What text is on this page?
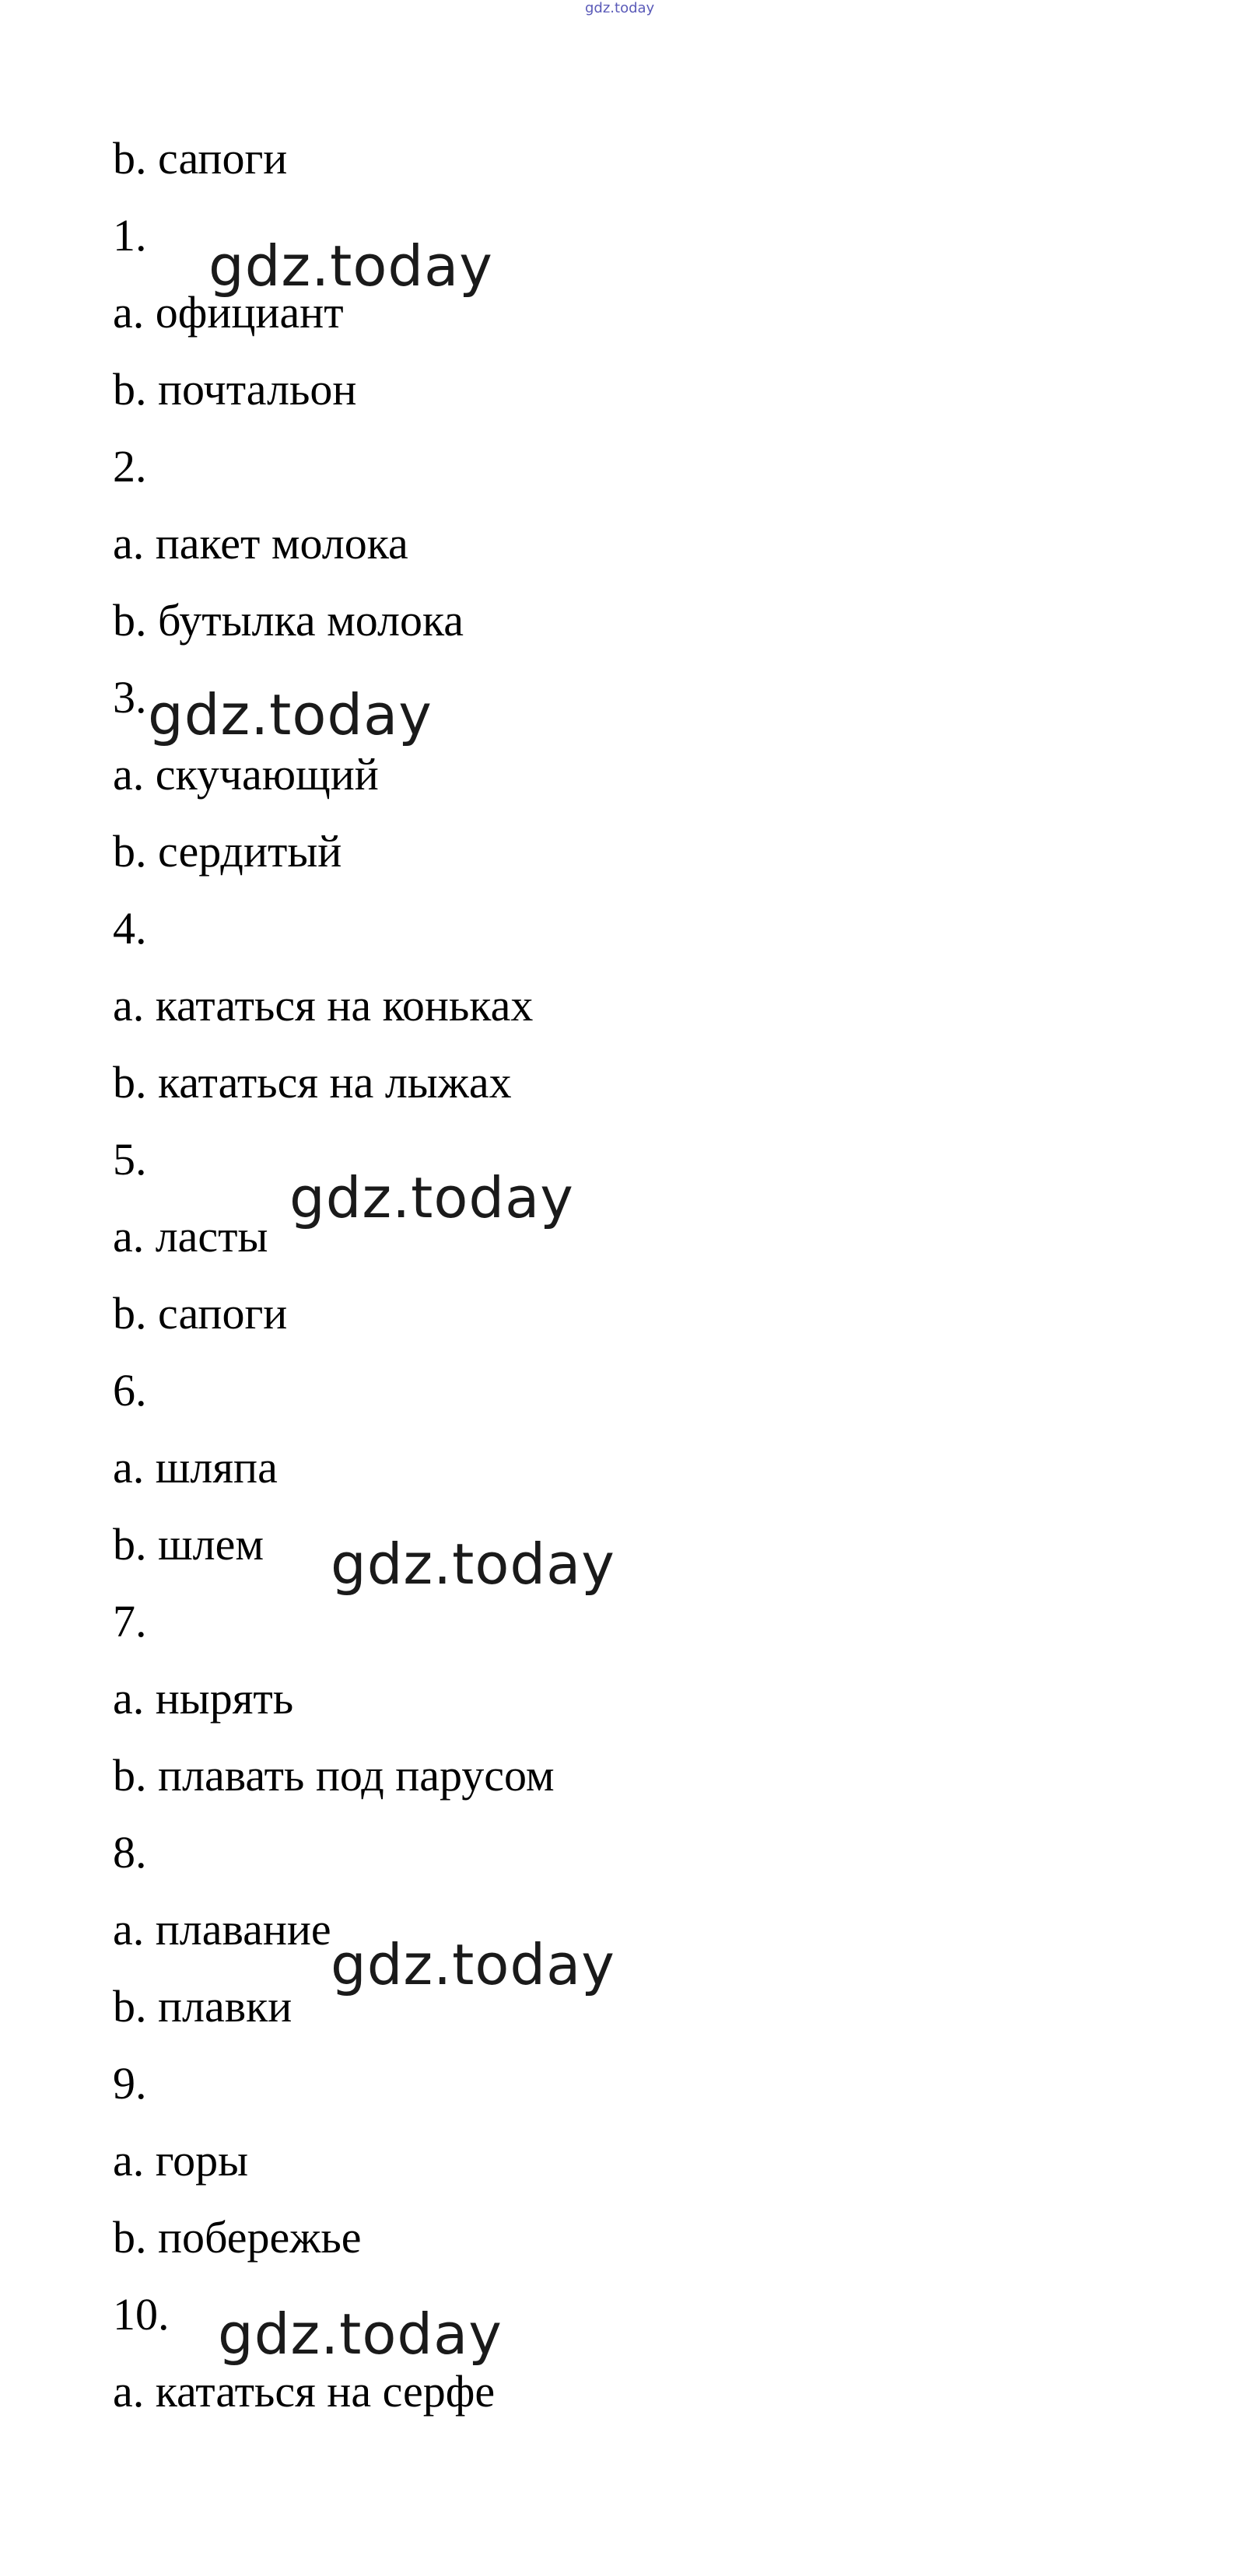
gdz.today
b. сапоги
1.
a. официант
b. почтальон
2.
a. пакет молока
b. бутылка молока
3.
a. скучающий
b. сердитый
4.
a. кататься на коньках
b. кататься на лыжах
5.
a. ласты
b. сапоги
6.
a. шляпа
b. шлем
7.
a. нырять
b. плавать под парусом
8.
a. плавание
b. плавки
9.
a. горы
b. побережье
10.
a. кататься на серфе
gdz.today
gdz.today
gdz.today
gdz.today
gdz.today
gdz.today
